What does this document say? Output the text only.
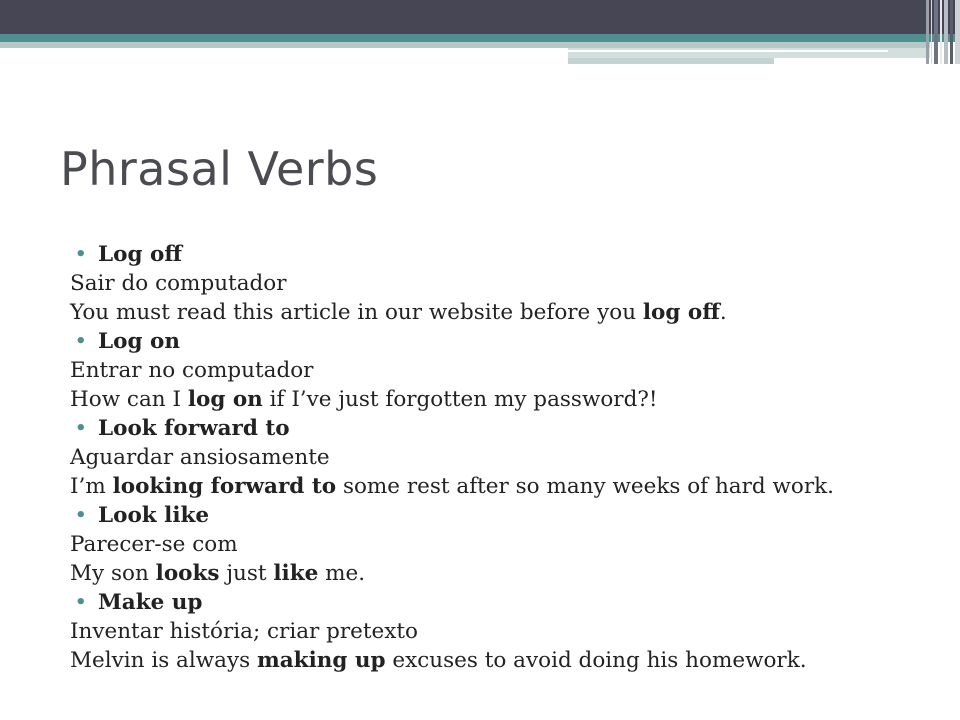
Phrasal Verbs
• Log off
Sair do computador
You must read this article in our website before you log off.
• Log on
Entrar no computador
How can I log on if I’ve just forgotten my password?!
• Look forward to
Aguardar ansiosamente
I’m looking forward to some rest after so many weeks of hard work.
• Look like
Parecer-se com
My son looks just like me.
• Make up
Inventar história; criar pretexto
Melvin is always making up excuses to avoid doing his homework.
